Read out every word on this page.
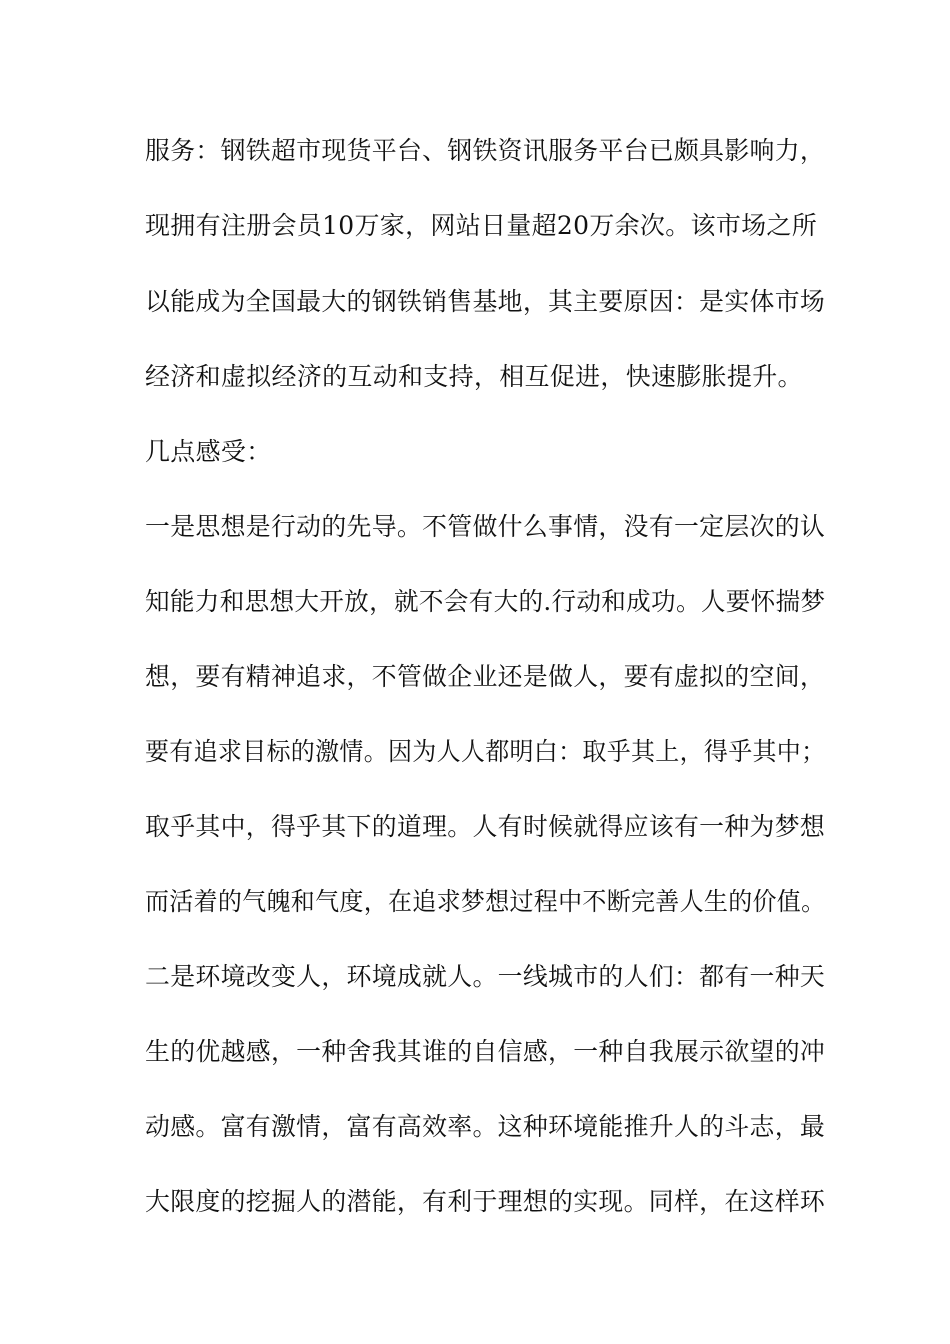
服务：钢铁超市现货平台、钢铁资讯服务平台已颇具影响力，
现拥有注册会员10万家，网站日量超20万余次。该市场之所
以能成为全国最大的钢铁销售基地，其主要原因：是实体市场
经济和虚拟经济的互动和支持，相互促进，快速膨胀提升。
几点感受：
一是思想是行动的先导。不管做什么事情，没有一定层次的认
知能力和思想大开放，就不会有大的.行动和成功。人要怀揣梦
想，要有精神追求，不管做企业还是做人，要有虚拟的空间，
要有追求目标的激情。因为人人都明白：取乎其上，得乎其中；
取乎其中，得乎其下的道理。人有时候就得应该有一种为梦想
而活着的气魄和气度，在追求梦想过程中不断完善人生的价值。
二是环境改变人，环境成就人。一线城市的人们：都有一种天
生的优越感，一种舍我其谁的自信感，一种自我展示欲望的冲
动感。富有激情，富有高效率。这种环境能推升人的斗志，最
大限度的挖掘人的潜能，有利于理想的实现。同样，在这样环
